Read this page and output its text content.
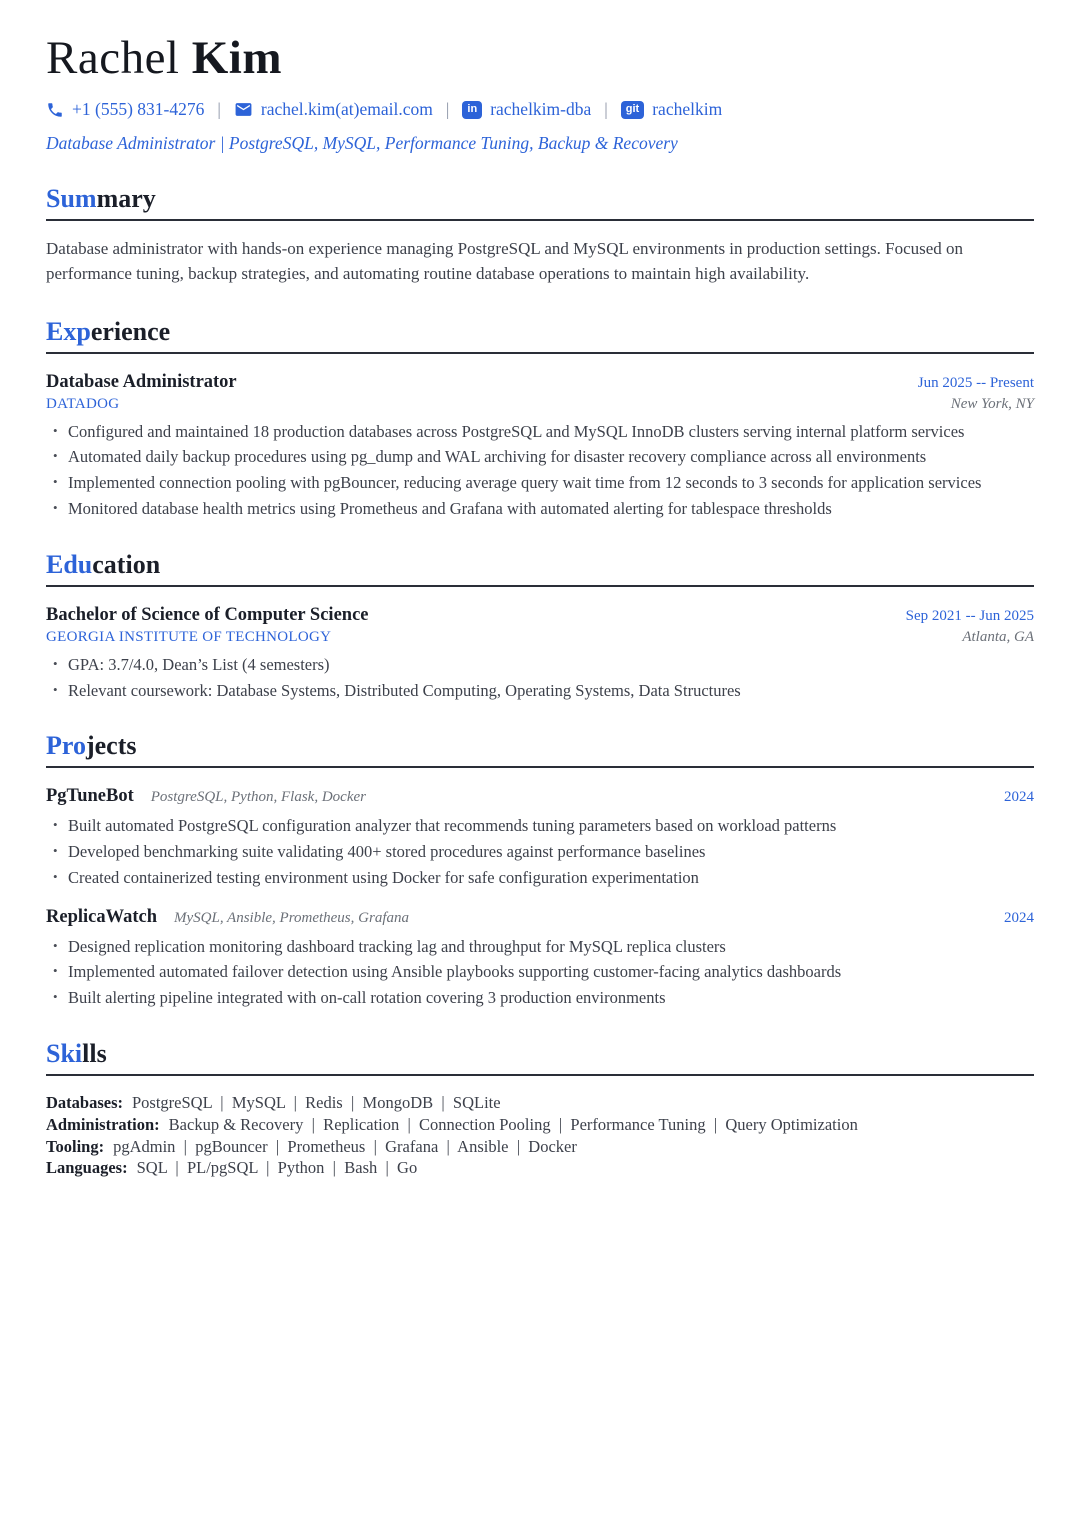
Rachel Kim
+1 (555) 831-4276 | rachel.kim(at)email.com |	in rachelkim-dba |	git rachelkim
Database Administrator | PostgreSQL, MySQL, Performance Tuning, Backup & Recovery
Summary

Database administrator with hands-on experience managing PostgreSQL and MySQL environments in production settings. Focused on performance tuning, backup strategies, and automating routine database operations to maintain high availability.

Experience
Database Administrator	Jun 2025 -- Present
DATADOG	New York, NY
• Configured and maintained 18 production databases across PostgreSQL and MySQL InnoDB clusters serving internal platform services
• Automated daily backup procedures using pg_dump and WAL archiving for disaster recovery compliance across all environments
• Implemented connection pooling with pgBouncer, reducing average query wait time from 12 seconds to 3 seconds for application services
• Monitored database health metrics using Prometheus and Grafana with automated alerting for tablespace thresholds
Education
Bachelor of Science of Computer Science	Sep 2021 -- Jun 2025
GEORGIA INSTITUTE OF TECHNOLOGY	Atlanta, GA
• GPA: 3.7/4.0, Dean’s List (4 semesters)
• Relevant coursework: Database Systems, Distributed Computing, Operating Systems, Data Structures
Projects
PgTuneBot PostgreSQL, Python, Flask, Docker	2024
• Built automated PostgreSQL configuration analyzer that recommends tuning parameters based on workload patterns
• Developed benchmarking suite validating 400+ stored procedures against performance baselines
• Created containerized testing environment using Docker for safe configuration experimentation
ReplicaWatch MySQL, Ansible, Prometheus, Grafana	2024
• Designed replication monitoring dashboard tracking lag and throughput for MySQL replica clusters
• Implemented automated failover detection using Ansible playbooks supporting customer-facing analytics dashboards
• Built alerting pipeline integrated with on-call rotation covering 3 production environments
Skills
Databases: PostgreSQL  |  MySQL  |  Redis  |  MongoDB  |  SQLite
Administration: Backup & Recovery  |  Replication  |  Connection Pooling  |  Performance Tuning  |  Query Optimization
Tooling: pgAdmin  |  pgBouncer  |  Prometheus  |  Grafana  |  Ansible  |  Docker
Languages: SQL  |  PL/pgSQL  |  Python  |  Bash  |  Go
